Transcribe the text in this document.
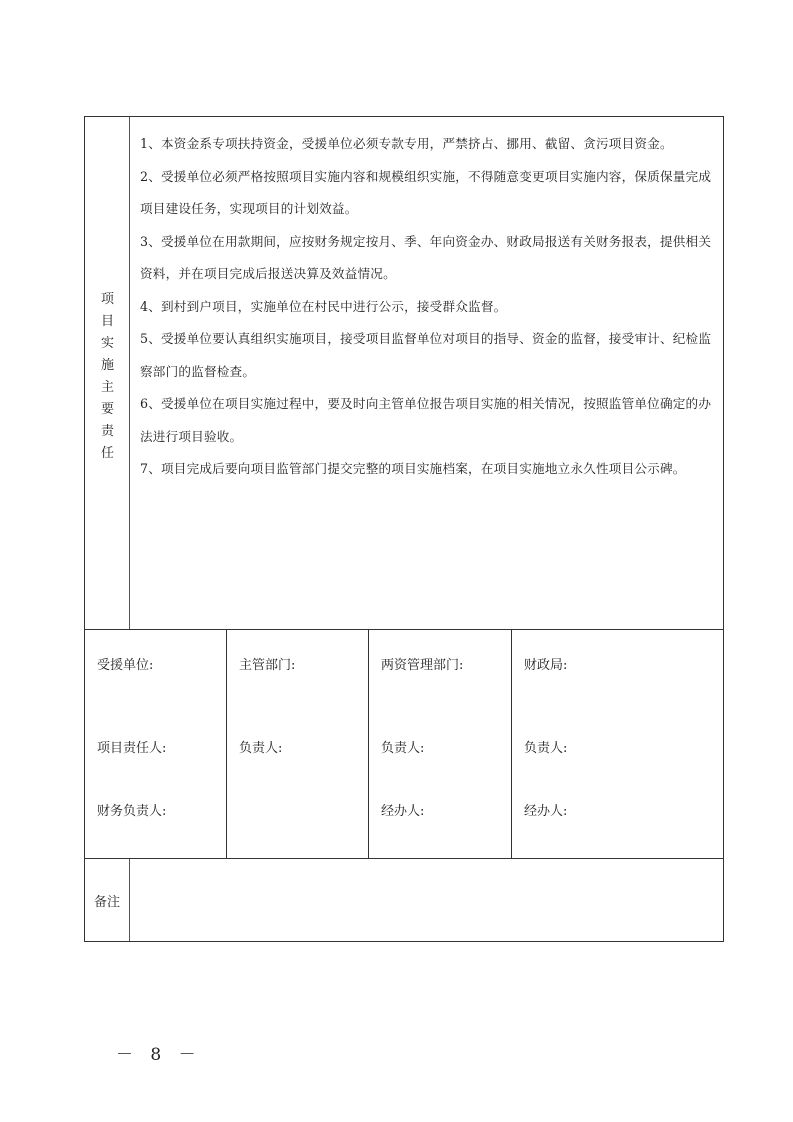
项
目
实
施
主
要
责
任

1、本资金系专项扶持资金，受援单位必须专款专用，严禁挤占、挪用、截留、贪污项目资金。

2、受援单位必须严格按照项目实施内容和规模组织实施，不得随意变更项目实施内容，保质保量完成项目建设任务，实现项目的计划效益。

3、受援单位在用款期间，应按财务规定按月、季、年向资金办、财政局报送有关财务报表，提供相关资料，并在项目完成后报送决算及效益情况。

4、到村到户项目，实施单位在村民中进行公示，接受群众监督。

5、受援单位要认真组织实施项目，接受项目监督单位对项目的指导、资金的监督，接受审计、纪检监察部门的监督检查。

6、受援单位在项目实施过程中，要及时向主管单位报告项目实施的相关情况，按照监管单位确定的办法进行项目验收。

7、项目完成后要向项目监管部门提交完整的项目实施档案，在项目实施地立永久性项目公示碑。

受援单位:
项目责任人:
财务负责人:
主管部门:
负责人:
两资管理部门:
负责人:
经办人:
财政局:
负责人:
经办人:
备注
－ 8 －
